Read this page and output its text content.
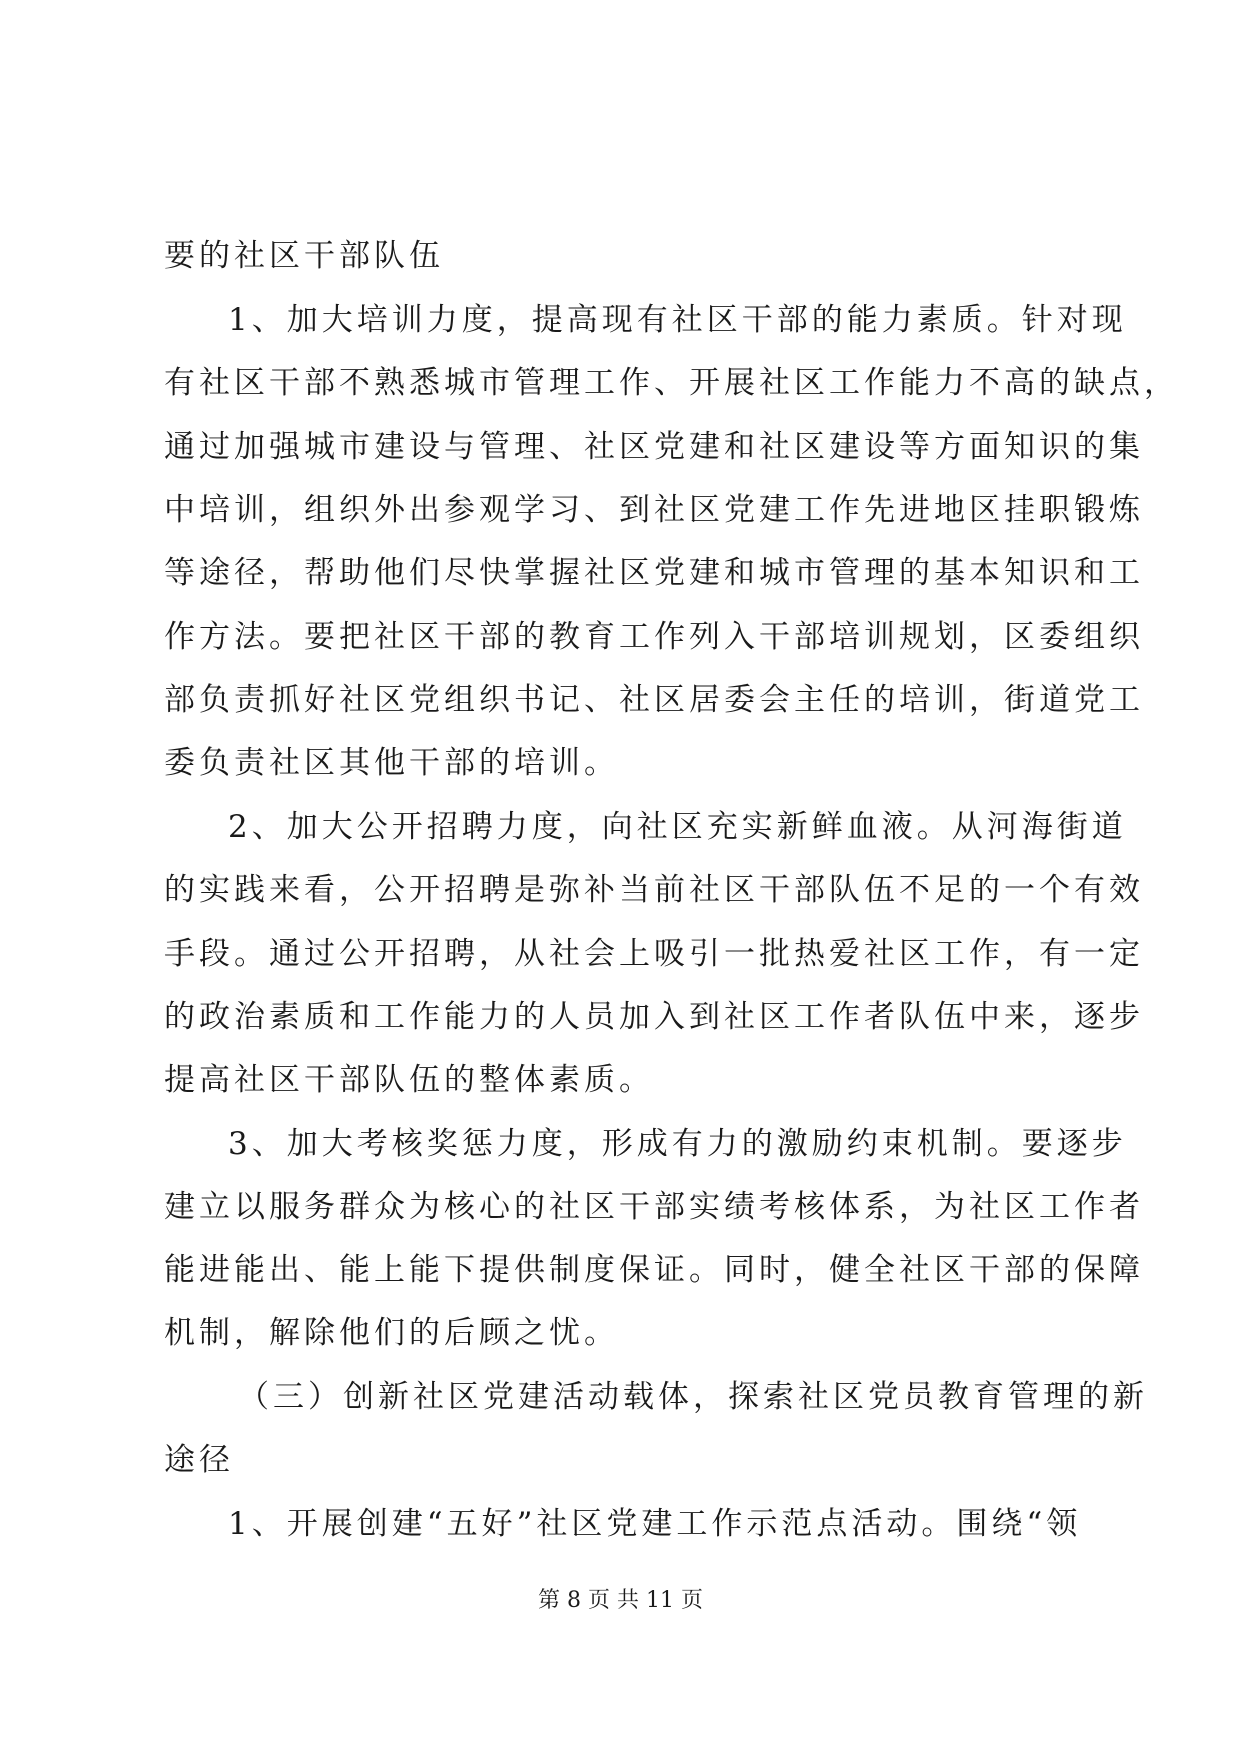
要的社区干部队伍
1、加大培训力度，提高现有社区干部的能力素质。针对现
有社区干部不熟悉城市管理工作、开展社区工作能力不高的缺点，
通过加强城市建设与管理、社区党建和社区建设等方面知识的集
中培训，组织外出参观学习、到社区党建工作先进地区挂职锻炼
等途径，帮助他们尽快掌握社区党建和城市管理的基本知识和工
作方法。要把社区干部的教育工作列入干部培训规划，区委组织
部负责抓好社区党组织书记、社区居委会主任的培训，街道党工
委负责社区其他干部的培训。
2、加大公开招聘力度，向社区充实新鲜血液。从河海街道
的实践来看，公开招聘是弥补当前社区干部队伍不足的一个有效
手段。通过公开招聘，从社会上吸引一批热爱社区工作，有一定
的政治素质和工作能力的人员加入到社区工作者队伍中来，逐步
提高社区干部队伍的整体素质。
3、加大考核奖惩力度，形成有力的激励约束机制。要逐步
建立以服务群众为核心的社区干部实绩考核体系，为社区工作者
能进能出、能上能下提供制度保证。同时，健全社区干部的保障
机制，解除他们的后顾之忧。
（三）创新社区党建活动载体，探索社区党员教育管理的新
途径
1、开展创建“五好”社区党建工作示范点活动。围绕“领
第 8 页 共 11 页
